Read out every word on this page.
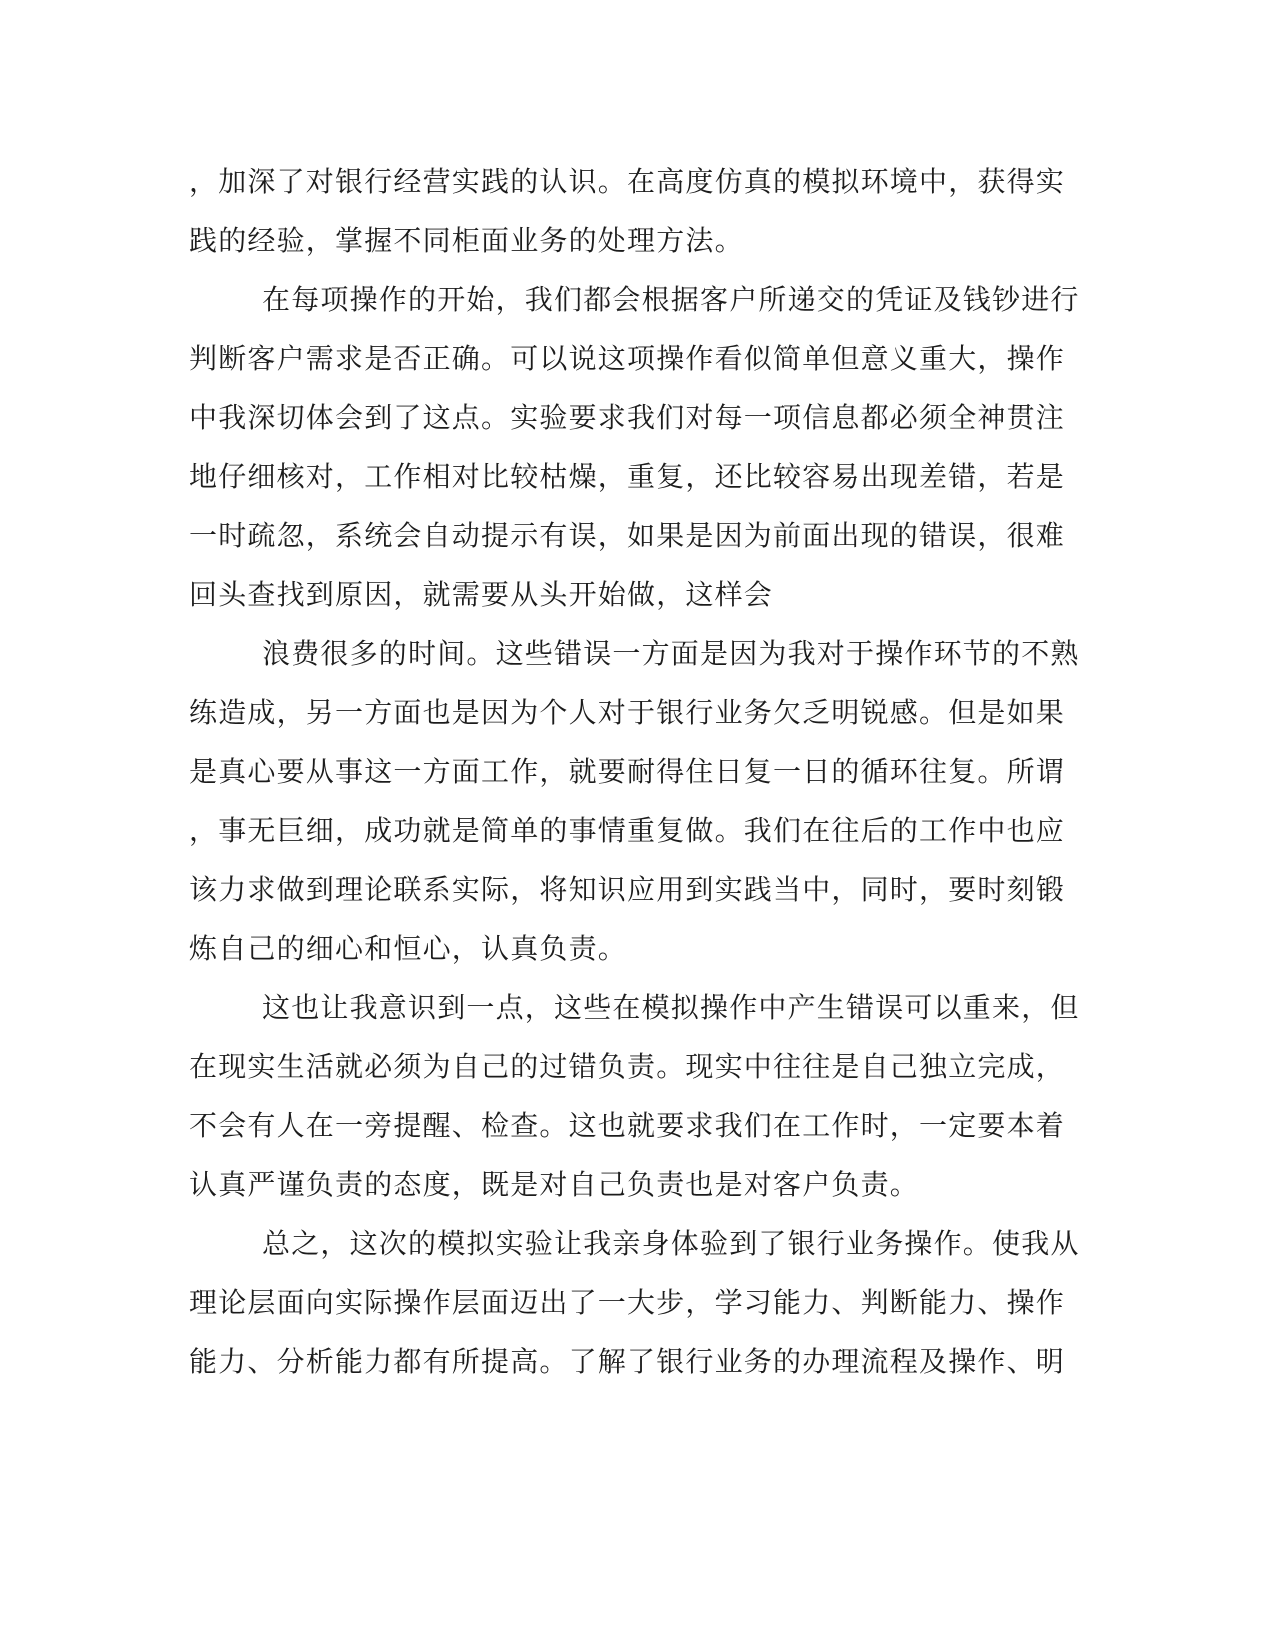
，加深了对银行经营实践的认识。在高度仿真的模拟环境中，获得实
践的经验，掌握不同柜面业务的处理方法。
在每项操作的开始，我们都会根据客户所递交的凭证及钱钞进行
判断客户需求是否正确。可以说这项操作看似简单但意义重大，操作
中我深切体会到了这点。实验要求我们对每一项信息都必须全神贯注
地仔细核对，工作相对比较枯燥，重复，还比较容易出现差错，若是
一时疏忽，系统会自动提示有误，如果是因为前面出现的错误，很难
回头查找到原因，就需要从头开始做，这样会
浪费很多的时间。这些错误一方面是因为我对于操作环节的不熟
练造成，另一方面也是因为个人对于银行业务欠乏明锐感。但是如果
是真心要从事这一方面工作，就要耐得住日复一日的循环往复。所谓
，事无巨细，成功就是简单的事情重复做。我们在往后的工作中也应
该力求做到理论联系实际，将知识应用到实践当中，同时，要时刻锻
炼自己的细心和恒心，认真负责。
这也让我意识到一点，这些在模拟操作中产生错误可以重来，但
在现实生活就必须为自己的过错负责。现实中往往是自己独立完成，
不会有人在一旁提醒、检查。这也就要求我们在工作时，一定要本着
认真严谨负责的态度，既是对自己负责也是对客户负责。
总之，这次的模拟实验让我亲身体验到了银行业务操作。使我从
理论层面向实际操作层面迈出了一大步，学习能力、判断能力、操作
能力、分析能力都有所提高。了解了银行业务的办理流程及操作、明
